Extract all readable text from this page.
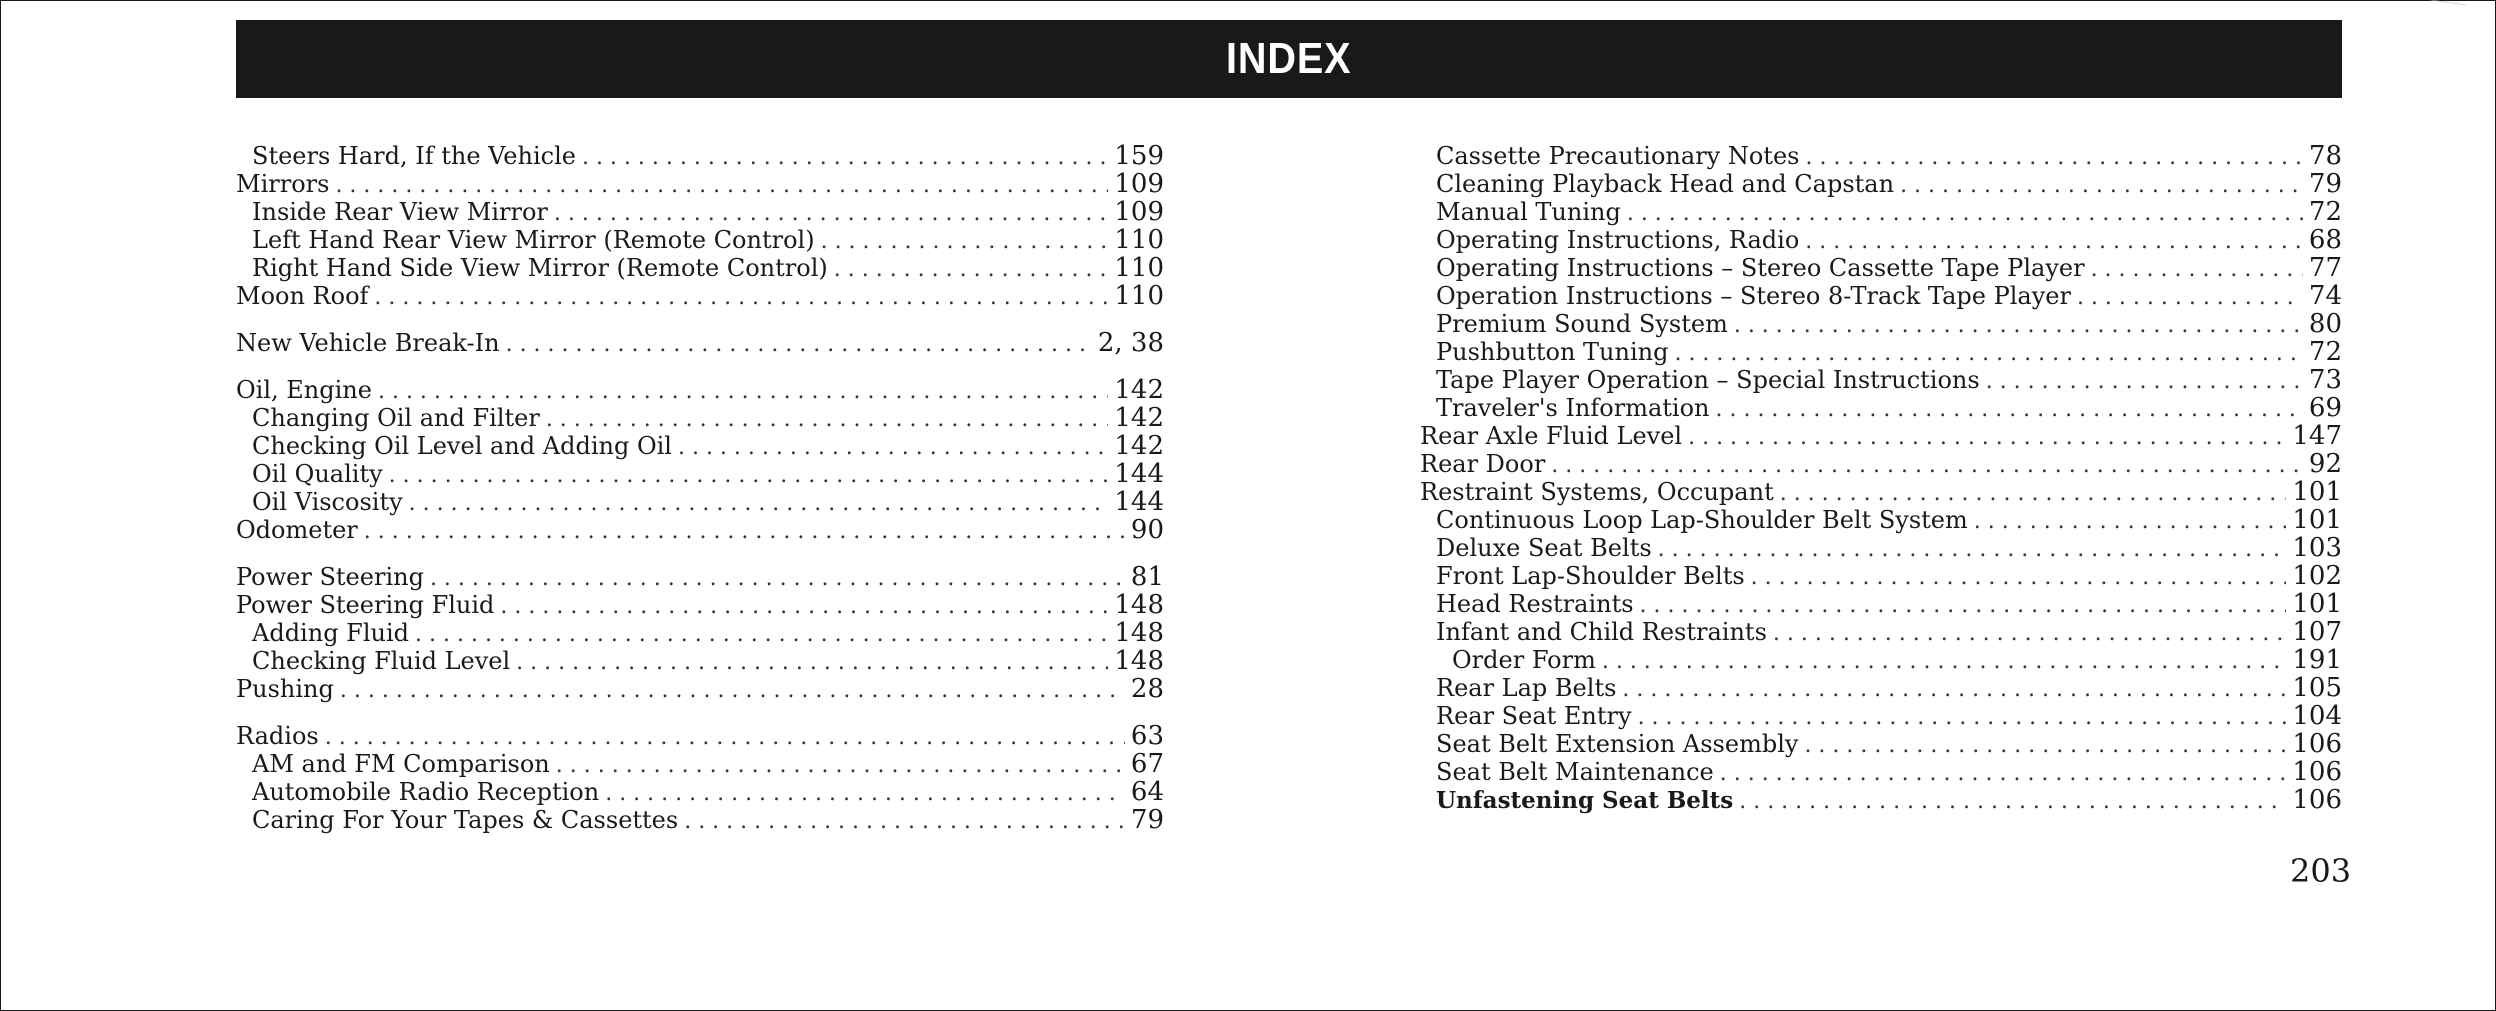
INDEX
Steers Hard, If the Vehicle . . .	159
Mirrors . . .	109
Inside Rear View Mirror . . .	109
Left Hand Rear View Mirror (Remote Control) . . .	110
Right Hand Side View Mirror (Remote Control) . . .	110
Moon Roof . . .	110
New Vehicle Break-In . . .	2, 38
Oil, Engine . . .	142
Changing Oil and Filter . . .	142
Checking Oil Level and Adding Oil . . .	142
Oil Quality . . .	144
Oil Viscosity . . .	144
Odometer . . .	90
Power Steering . . .	81
Power Steering Fluid . . .	148
Adding Fluid . . .	148
Checking Fluid Level . . .	148
Pushing . . .	28
Radios . . .	63
AM and FM Comparison . . .	67
Automobile Radio Reception . . .	64
Caring For Your Tapes & Cassettes . . .	79
Cassette Precautionary Notes . . .	78
Cleaning Playback Head and Capstan . . .	79
Manual Tuning . . .	72
Operating Instructions, Radio . . .	68
Operating Instructions – Stereo Cassette Tape Player . . .	77
Operation Instructions – Stereo 8-Track Tape Player . . .	74
Premium Sound System . . .	80
Pushbutton Tuning . . .	72
Tape Player Operation – Special Instructions . . .	73
Traveler's Information . . .	69
Rear Axle Fluid Level . . .	147
Rear Door . . .	92
Restraint Systems, Occupant . . .	101
Continuous Loop Lap-Shoulder Belt System . . .	101
Deluxe Seat Belts . . .	103
Front Lap-Shoulder Belts . . .	102
Head Restraints . . .	101
Infant and Child Restraints . . .	107
Order Form . . .	191
Rear Lap Belts . . .	105
Rear Seat Entry . . .	104
Seat Belt Extension Assembly . . .	106
Seat Belt Maintenance . . .	106
Unfastening Seat Belts . . .	106
203
